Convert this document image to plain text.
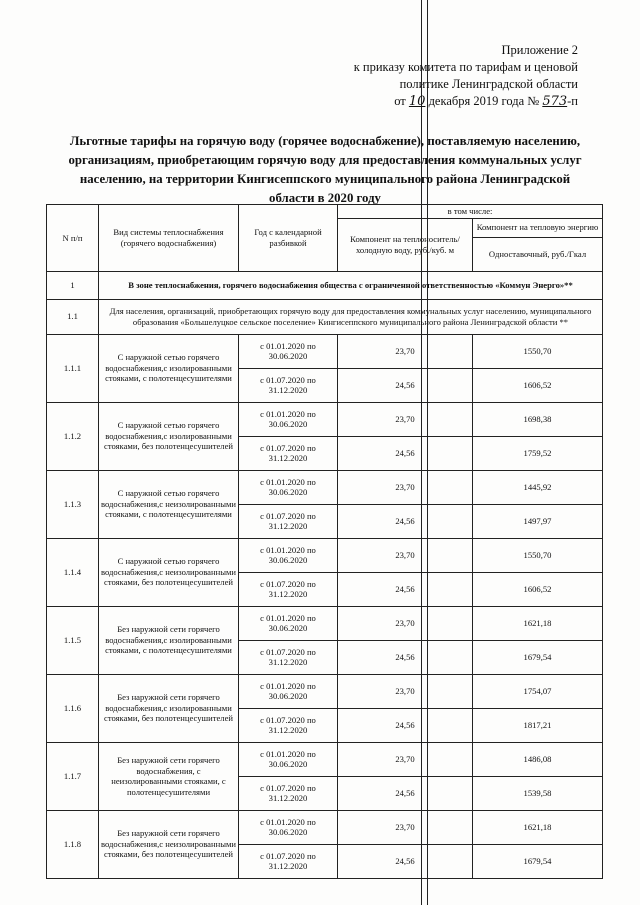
Приложение 2
к приказу комитета по тарифам и ценовой
политике Ленинградской области
от 10 декабря 2019 года № 573-п
Льготные тарифы на горячую воду (горячее водоснабжение), поставляемую населению,
организациям, приобретающим горячую воду для предоставления коммунальных услуг
населению, на территории Кингисеппского муниципального района Ленинградской
области в 2020 году
N п/п	Вид системы теплоснабжения (горячего водоснабжения)	Год с календарной разбивкой	в том числе:	
			Компонент на теплоноситель/холодную воду, руб./куб. м	Компонент на тепловую энергию
				Одноставочный, руб./Гкал
1	В зоне теплоснабжения, горячего водоснабжения общества с ограниченной ответственностью «Коммун Энерго»**			
1.1	Для населения, организаций, приобретающих горячую воду для предоставления коммунальных услуг населению, муниципального образования «Большелуцкое сельское поселение» Кингисеппского муниципального района Ленинградской области **			
1.1.1	С наружной сетью горячего водоснабжения,с изолированными стояками, с полотенцесушителями	с 01.01.2020 по 30.06.2020	23,70	1550,70
		с 01.07.2020 по 31.12.2020	24,56	1606,52
1.1.2	С наружной сетью горячего водоснабжения,с изолированными стояками, без полотенцесушителей	с 01.01.2020 по 30.06.2020	23,70	1698,38
		с 01.07.2020 по 31.12.2020	24,56	1759,52
1.1.3	С наружной сетью горячего водоснабжения,с неизолированными стояками, с полотенцесушителями	с 01.01.2020 по 30.06.2020	23,70	1445,92
		с 01.07.2020 по 31.12.2020	24,56	1497,97
1.1.4	С наружной сетью горячего водоснабжения,с неизолированными стояками, без полотенцесушителей	с 01.01.2020 по 30.06.2020	23,70	1550,70
		с 01.07.2020 по 31.12.2020	24,56	1606,52
1.1.5	Без наружной сети горячего водоснабжения,с изолированными стояками, с полотенцесушителями	с 01.01.2020 по 30.06.2020	23,70	1621,18
		с 01.07.2020 по 31.12.2020	24,56	1679,54
1.1.6	Без наружной сети горячего водоснабжения,с изолированными стояками, без полотенцесушителей	с 01.01.2020 по 30.06.2020	23,70	1754,07
		с 01.07.2020 по 31.12.2020	24,56	1817,21
1.1.7	Без наружной сети горячего водоснабжения, с неизолированными стояками, с полотенцесушителями	с 01.01.2020 по 30.06.2020	23,70	1486,08
		с 01.07.2020 по 31.12.2020	24,56	1539,58
1.1.8	Без наружной сети горячего водоснабжения,с неизолированными стояками, без полотенцесушителей	с 01.01.2020 по 30.06.2020	23,70	1621,18
		с 01.07.2020 по 31.12.2020	24,56	1679,54
